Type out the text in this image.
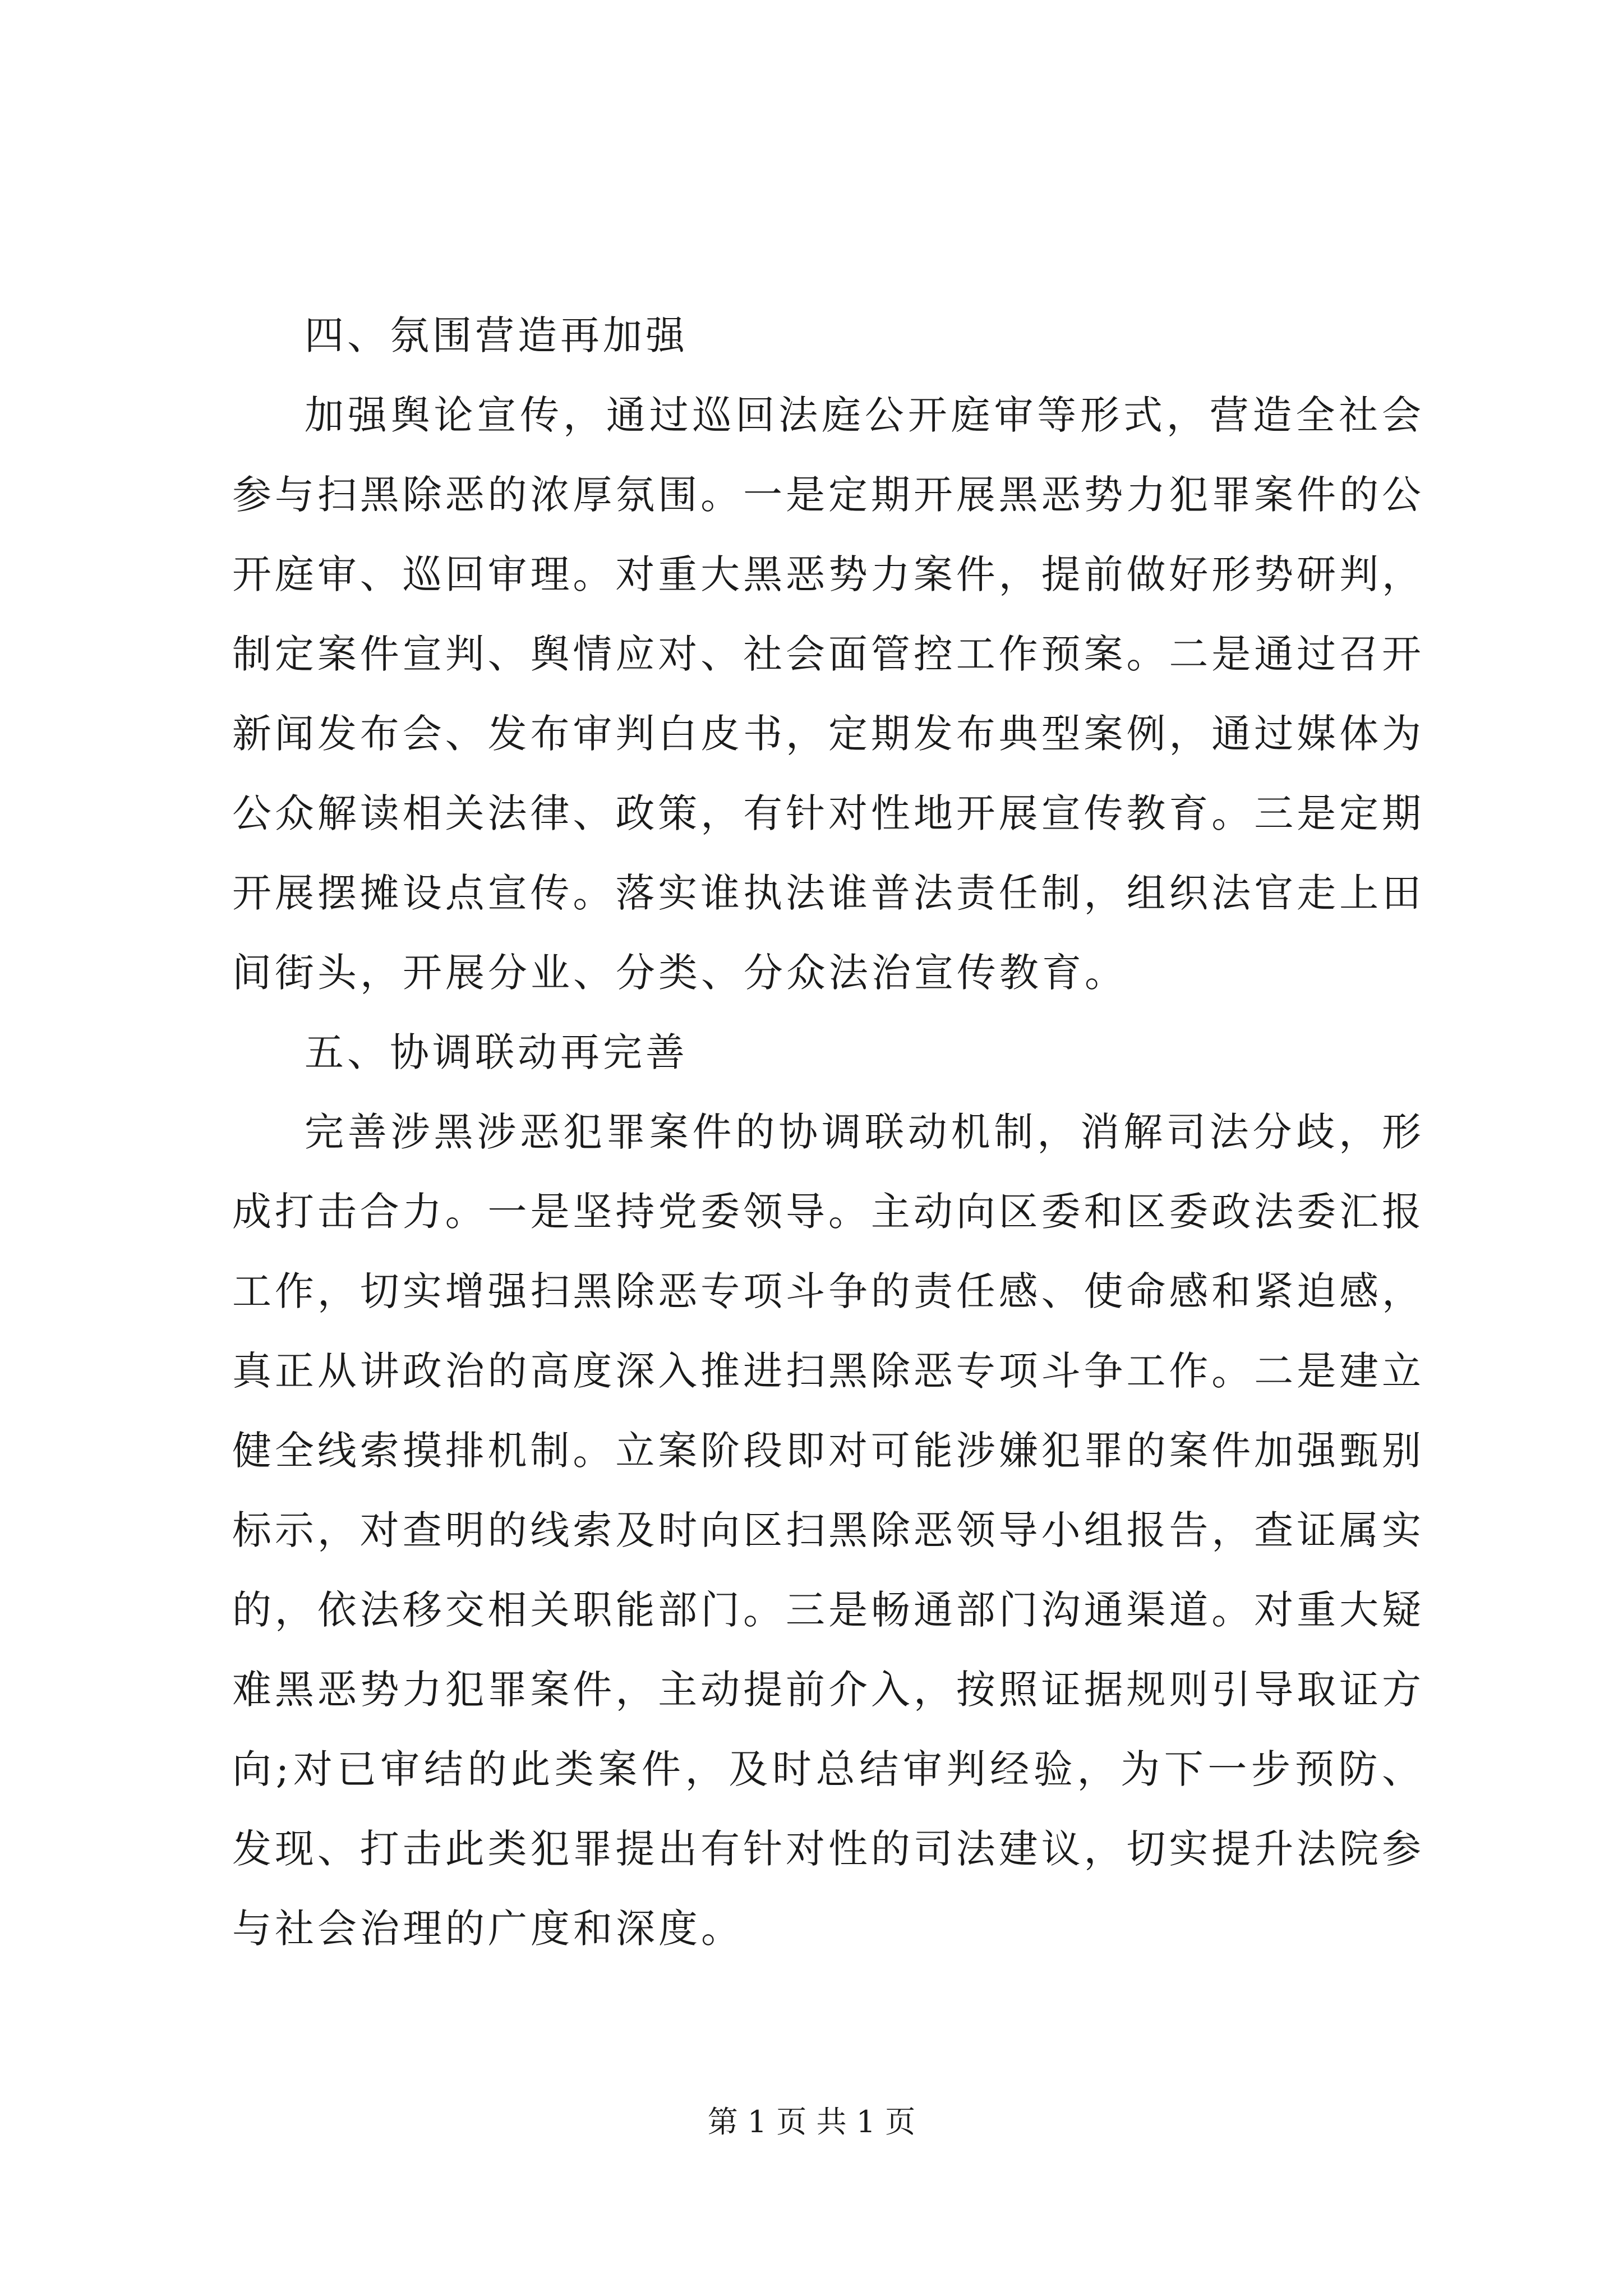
四、氛围营造再加强
加强舆论宣传，通过巡回法庭公开庭审等形式，营造全社会
参与扫黑除恶的浓厚氛围。一是定期开展黑恶势力犯罪案件的公
开庭审、巡回审理。对重大黑恶势力案件，提前做好形势研判，
制定案件宣判、舆情应对、社会面管控工作预案。二是通过召开
新闻发布会、发布审判白皮书，定期发布典型案例，通过媒体为
公众解读相关法律、政策，有针对性地开展宣传教育。三是定期
开展摆摊设点宣传。落实谁执法谁普法责任制，组织法官走上田
间街头，开展分业、分类、分众法治宣传教育。
五、协调联动再完善
完善涉黑涉恶犯罪案件的协调联动机制，消解司法分歧，形
成打击合力。一是坚持党委领导。主动向区委和区委政法委汇报
工作，切实增强扫黑除恶专项斗争的责任感、使命感和紧迫感，
真正从讲政治的高度深入推进扫黑除恶专项斗争工作。二是建立
健全线索摸排机制。立案阶段即对可能涉嫌犯罪的案件加强甄别
标示，对查明的线索及时向区扫黑除恶领导小组报告，查证属实
的，依法移交相关职能部门。三是畅通部门沟通渠道。对重大疑
难黑恶势力犯罪案件，主动提前介入，按照证据规则引导取证方
向;对已审结的此类案件，及时总结审判经验，为下一步预防、
发现、打击此类犯罪提出有针对性的司法建议，切实提升法院参
与社会治理的广度和深度。
第 1 页 共 1 页
